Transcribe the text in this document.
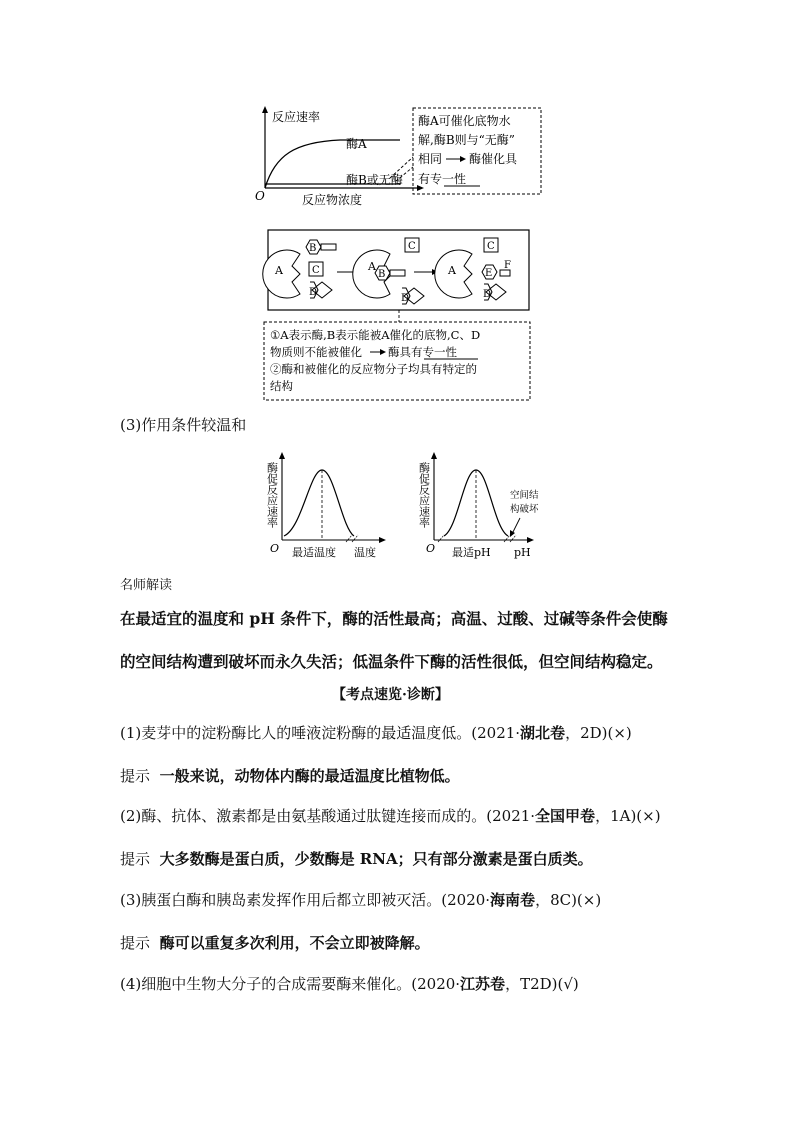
反应速率
O	反应物浓度
酶A
酶B或无酶
酶A可催化底物水
解,酶B则与“无酶”
相同 酶催化具
有专一性
A
B
C
D
A
B
C
D
A
C
E
F
D
①A表示酶,B表示能被A催化的底物,C、D
物质则不能被催化 酶具有专一性
②酶和被催化的反应物分子均具有特定的
结构
(3)作用条件较温和
酶促反应速率
O 最适温度 温度
酶促反应速率
O 最适pH pH
空间结
构破坏
名师解读
在最适宜的温度和 pH 条件下，酶的活性最高；高温、过酸、过碱等条件会使酶
的空间结构遭到破坏而永久失活；低温条件下酶的活性很低，但空间结构稳定。
【考点速览·诊断】
(1)麦芽中的淀粉酶比人的唾液淀粉酶的最适温度低。(2021·湖北卷，2D)(×)
提示 一般来说，动物体内酶的最适温度比植物低。
(2)酶、抗体、激素都是由氨基酸通过肽键连接而成的。(2021·全国甲卷，1A)(×)
提示 大多数酶是蛋白质，少数酶是 RNA；只有部分激素是蛋白质类。
(3)胰蛋白酶和胰岛素发挥作用后都立即被灭活。(2020·海南卷，8C)(×)
提示 酶可以重复多次利用，不会立即被降解。
(4)细胞中生物大分子的合成需要酶来催化。(2020·江苏卷，T2D)(√)
